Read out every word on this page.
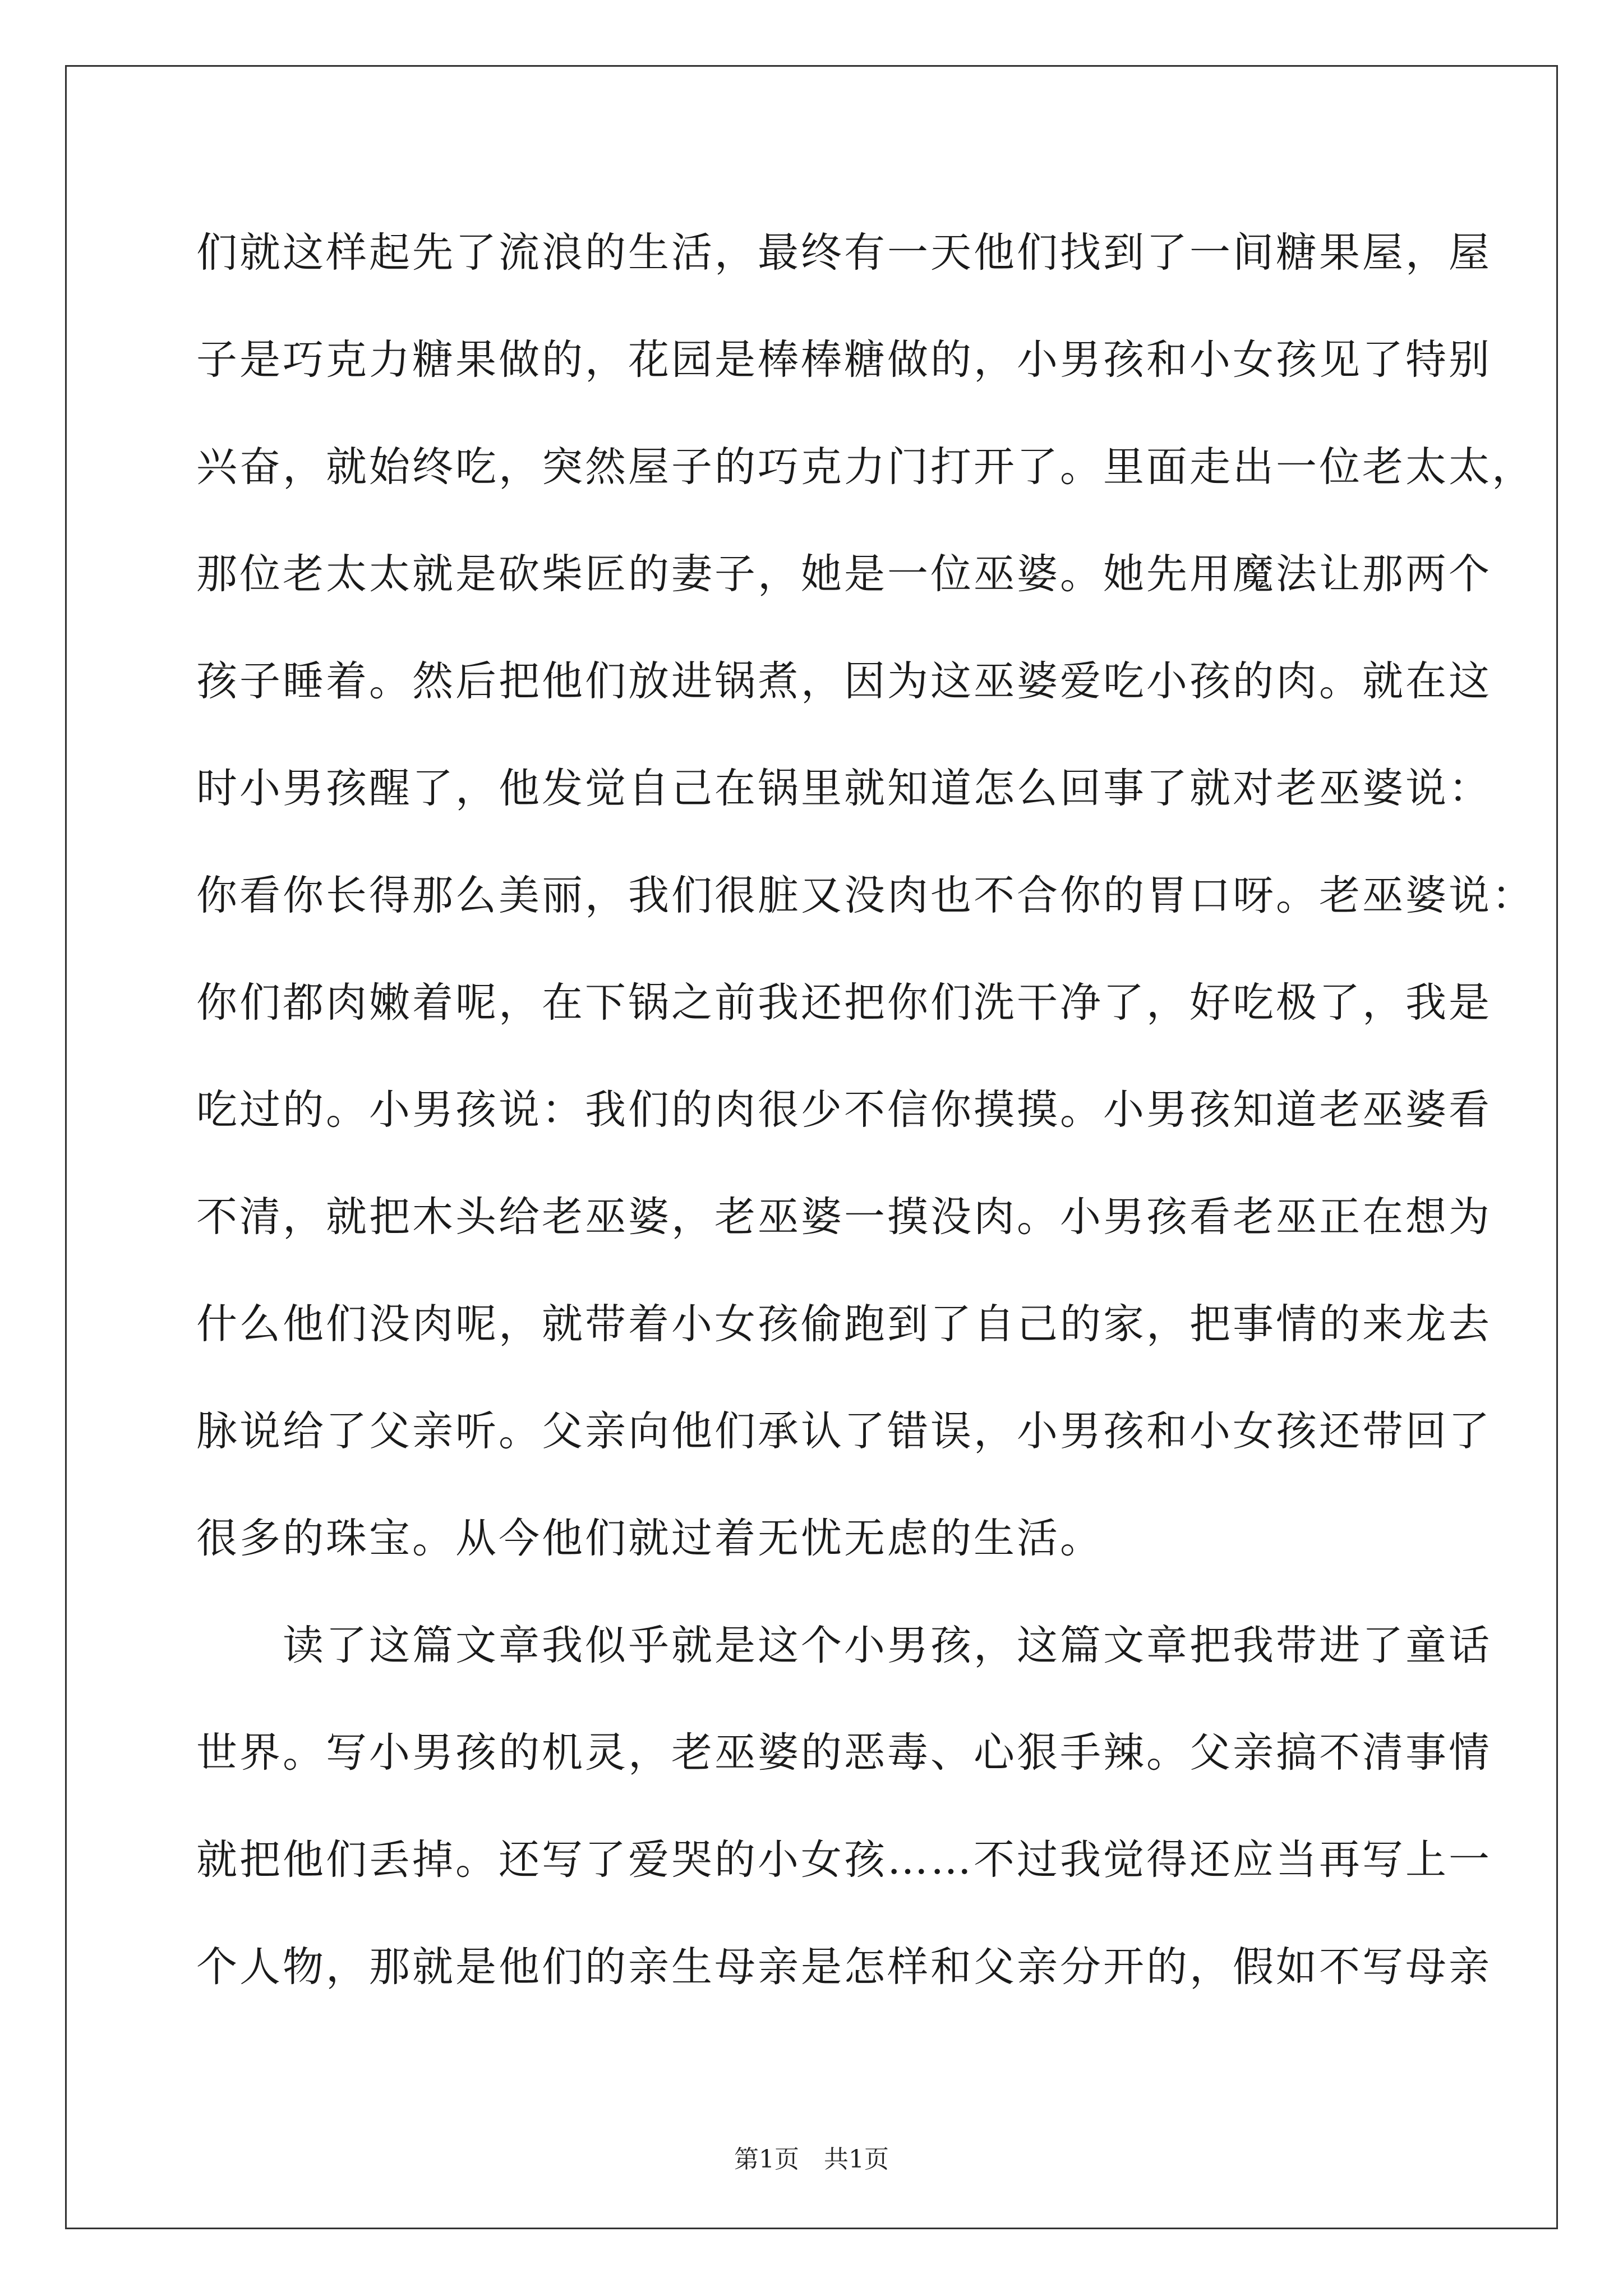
们就这样起先了流浪的生活，最终有一天他们找到了一间糖果屋，屋
子是巧克力糖果做的，花园是棒棒糖做的，小男孩和小女孩见了特别
兴奋，就始终吃，突然屋子的巧克力门打开了。里面走出一位老太太，
那位老太太就是砍柴匠的妻子，她是一位巫婆。她先用魔法让那两个
孩子睡着。然后把他们放进锅煮，因为这巫婆爱吃小孩的肉。就在这
时小男孩醒了，他发觉自己在锅里就知道怎么回事了就对老巫婆说：
你看你长得那么美丽，我们很脏又没肉也不合你的胃口呀。老巫婆说：
你们都肉嫩着呢，在下锅之前我还把你们洗干净了，好吃极了，我是
吃过的。小男孩说：我们的肉很少不信你摸摸。小男孩知道老巫婆看
不清，就把木头给老巫婆，老巫婆一摸没肉。小男孩看老巫正在想为
什么他们没肉呢，就带着小女孩偷跑到了自己的家，把事情的来龙去
脉说给了父亲听。父亲向他们承认了错误，小男孩和小女孩还带回了
很多的珠宝。从今他们就过着无忧无虑的生活。
　　读了这篇文章我似乎就是这个小男孩，这篇文章把我带进了童话
世界。写小男孩的机灵，老巫婆的恶毒、心狠手辣。父亲搞不清事情
就把他们丢掉。还写了爱哭的小女孩……不过我觉得还应当再写上一
个人物，那就是他们的亲生母亲是怎样和父亲分开的，假如不写母亲
第1页　共1页
